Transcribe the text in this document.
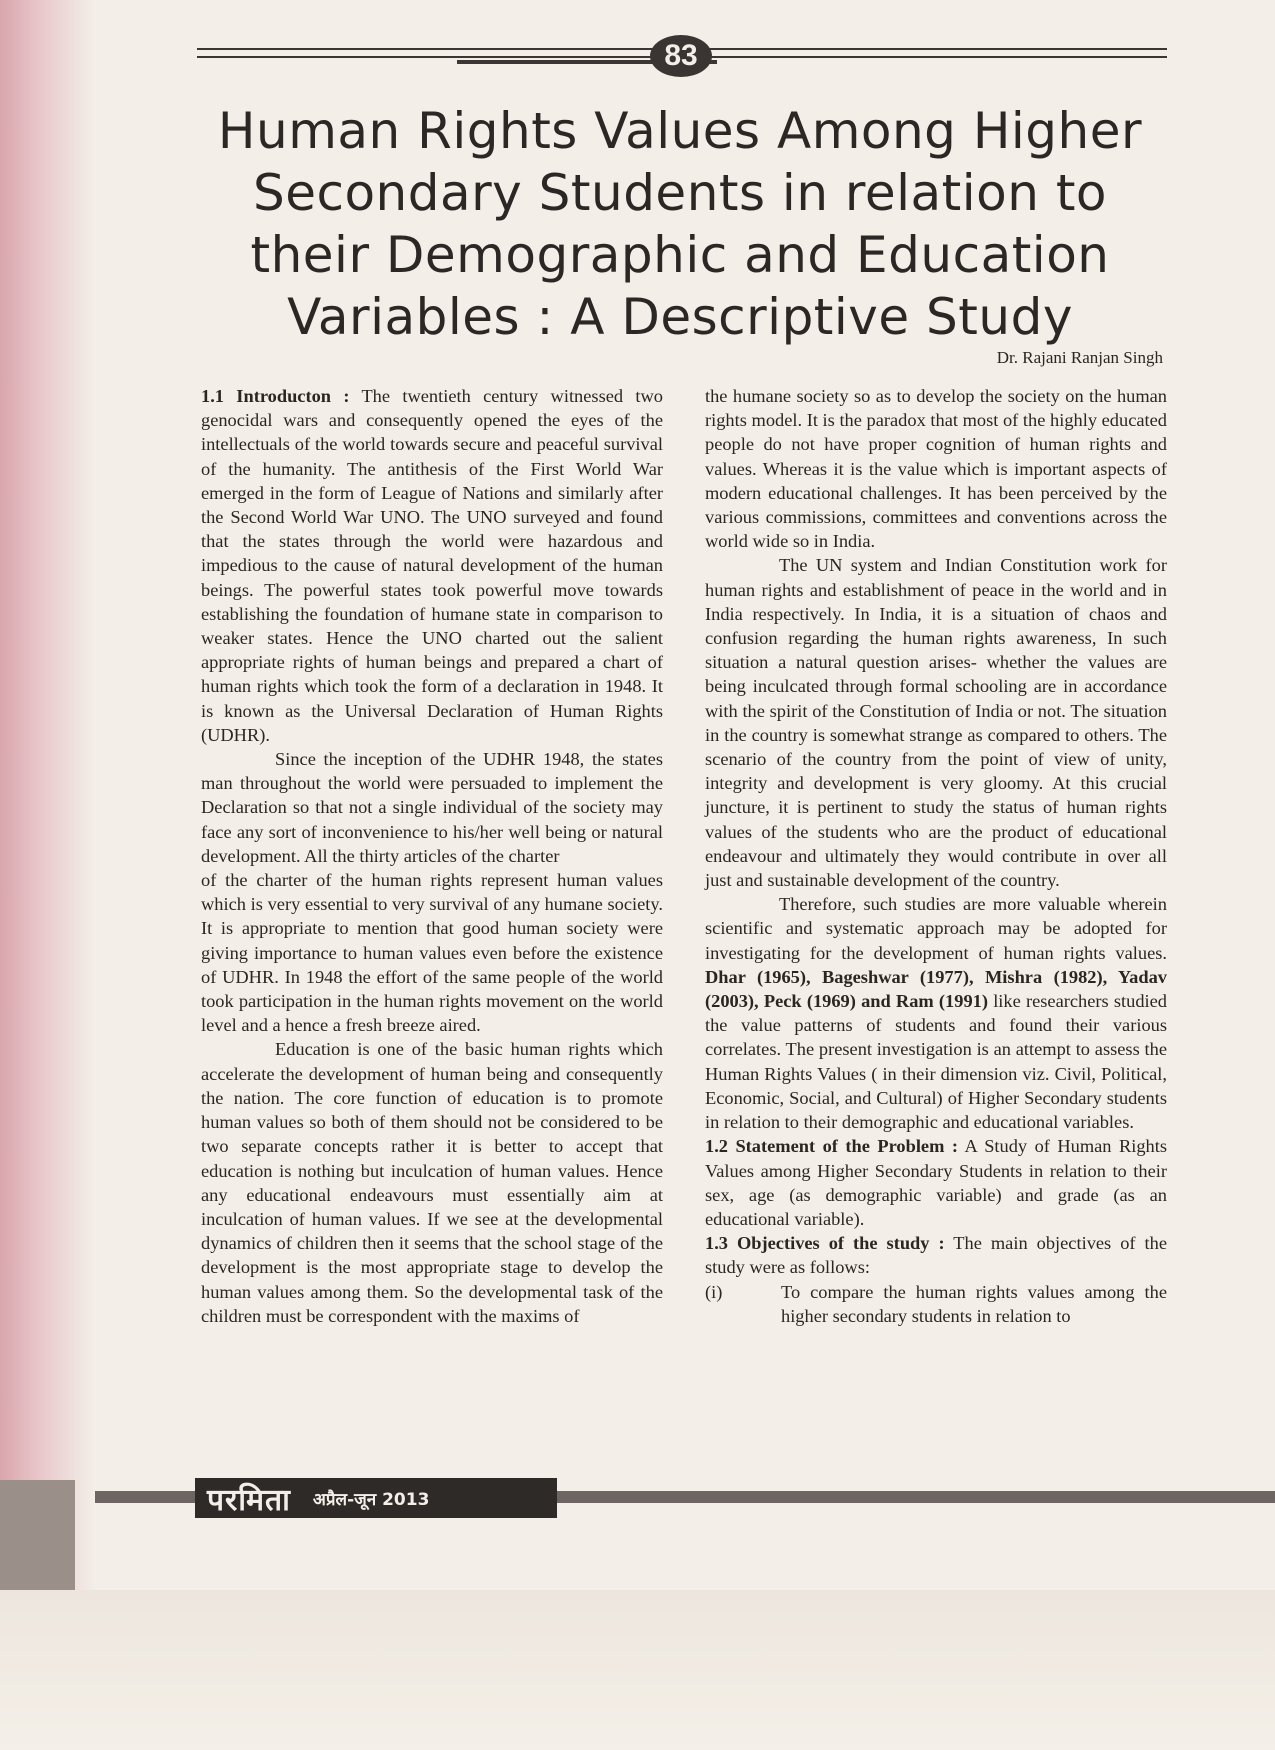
83
Human Rights Values Among Higher
Secondary Students in relation to
their Demographic and Education
Variables : A Descriptive Study
Dr. Rajani Ranjan Singh

1.1 Introducton : The twentieth century witnessed two genocidal wars and consequently opened the eyes of the intellectuals of the world towards secure and peaceful survival of the humanity. The antithesis of the First World War emerged in the form of League of Nations and similarly after the Second World War UNO. The UNO surveyed and found that the states through the world were hazardous and impedious to the cause of natural development of the human beings. The powerful states took powerful move towards establishing the foundation of humane state in comparison to weaker states. Hence the UNO charted out the salient appropriate rights of human beings and prepared a chart of human rights which took the form of a declaration in 1948. It is known as the Universal Declaration of Human Rights (UDHR).

Since the inception of the UDHR 1948, the states man throughout the world were persuaded to implement the Declaration so that not a single individual of the society may face any sort of inconvenience to his/her well being or natural development. All the thirty articles of the charter

of the charter of the human rights represent human values which is very essential to very survival of any humane society. It is appropriate to mention that good human society were giving importance to human values even before the existence of UDHR. In 1948 the effort of the same people of the world took participation in the human rights movement on the world level and a hence a fresh breeze aired.

Education is one of the basic human rights which accelerate the development of human being and consequently the nation. The core function of education is to promote human values so both of them should not be considered to be two separate concepts rather it is better to accept that education is nothing but inculcation of human values. Hence any educational endeavours must essentially aim at inculcation of human values. If we see at the developmental dynamics of children then it seems that the school stage of the development is the most appropriate stage to develop the human values among them. So the developmental task of the children must be correspondent with the maxims of

the humane society so as to develop the society on the human rights model. It is the paradox that most of the highly educated people do not have proper cognition of human rights and values. Whereas it is the value which is important aspects of modern educational challenges. It has been perceived by the various commissions, committees and conventions across the world wide so in India.

The UN system and Indian Constitution work for human rights and establishment of peace in the world and in India respectively. In India, it is a situation of chaos and confusion regarding the human rights awareness, In such situation a natural question arises- whether the values are being inculcated through formal schooling are in accordance with the spirit of the Constitution of India or not. The situation in the country is somewhat strange as compared to others. The scenario of the country from the point of view of unity, integrity and development is very gloomy. At this crucial juncture, it is pertinent to study the status of human rights values of the students who are the product of educational endeavour and ultimately they would contribute in over all just and sustainable development of the country.

Therefore, such studies are more valuable wherein scientific and systematic approach may be adopted for investigating for the development of human rights values. Dhar (1965), Bageshwar (1977), Mishra (1982), Yadav (2003), Peck (1969) and Ram (1991) like researchers studied the value patterns of students and found their various correlates. The present investigation is an attempt to assess the Human Rights Values ( in their dimension viz. Civil, Political, Economic, Social, and Cultural) of Higher Secondary students in relation to their demographic and educational variables.

1.2 Statement of the Problem : A Study of Human Rights Values among Higher Secondary Students in relation to their sex, age (as demographic variable) and grade (as an educational variable).

1.3 Objectives of the study : The main objectives of the study were as follows:

(i)	To compare the human rights values among the higher secondary students in relation to
परमिता	अप्रैल-जून 2013
